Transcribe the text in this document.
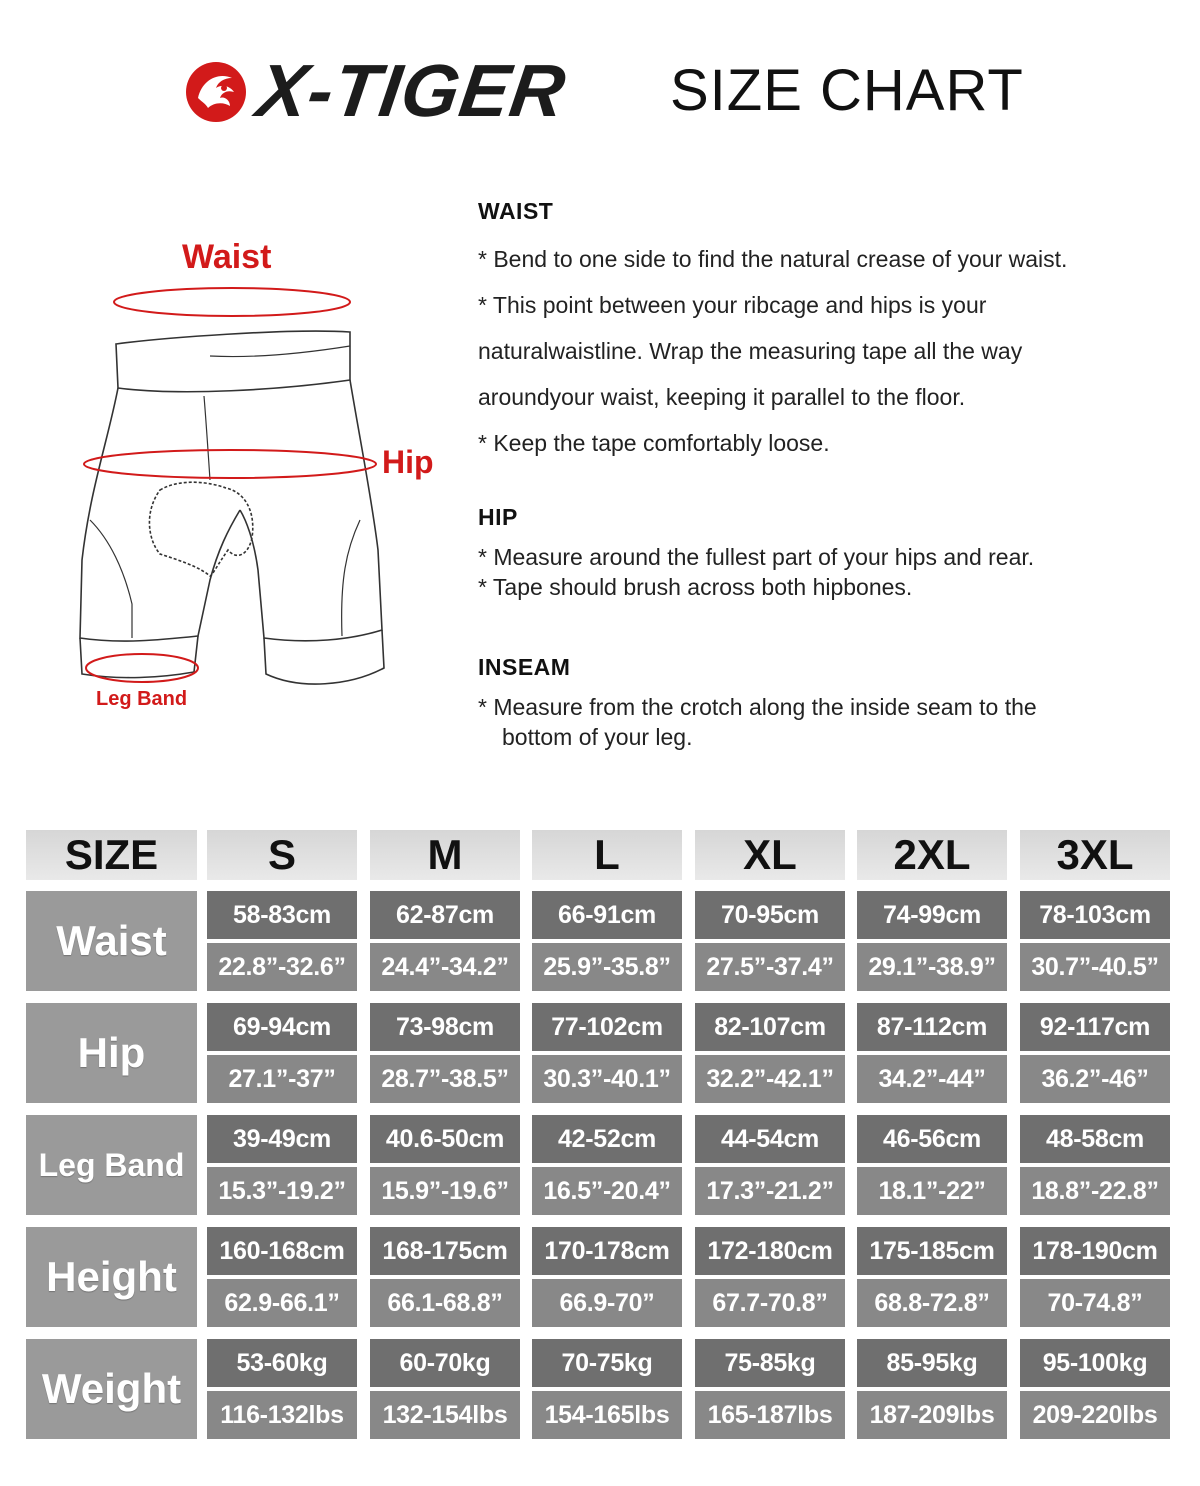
X-TIGER SIZE CHART
Waist
Hip
Leg Band
WAIST

* Bend to one side to find the natural crease of your waist.

* This point between your ribcage and hips is your

naturalwaistline. Wrap the measuring tape all the way

aroundyour waist, keeping it parallel to the floor.

* Keep the tape comfortably loose.

HIP

* Measure around the fullest part of your hips and rear.

* Tape should brush across both hipbones.

INSEAM

* Measure from the crotch along the inside seam to the

bottom of your leg.

SIZE	S	M	L	XL	2XL	3XL
Waist
58-83cm	62-87cm	66-91cm	70-95cm	74-99cm	78-103cm
22.8”-32.6”	24.4”-34.2”	25.9”-35.8”	27.5”-37.4”	29.1”-38.9”	30.7”-40.5”
Hip
69-94cm	73-98cm	77-102cm	82-107cm	87-112cm	92-117cm
27.1”-37”	28.7”-38.5”	30.3”-40.1”	32.2”-42.1”	34.2”-44”	36.2”-46”
Leg Band
39-49cm	40.6-50cm	42-52cm	44-54cm	46-56cm	48-58cm
15.3”-19.2”	15.9”-19.6”	16.5”-20.4”	17.3”-21.2”	18.1”-22”	18.8”-22.8”
Height
160-168cm	168-175cm	170-178cm	172-180cm	175-185cm	178-190cm
62.9-66.1”	66.1-68.8”	66.9-70”	67.7-70.8”	68.8-72.8”	70-74.8”
Weight
53-60kg	60-70kg	70-75kg	75-85kg	85-95kg	95-100kg
116-132lbs	132-154lbs	154-165lbs	165-187lbs	187-209lbs	209-220lbs
